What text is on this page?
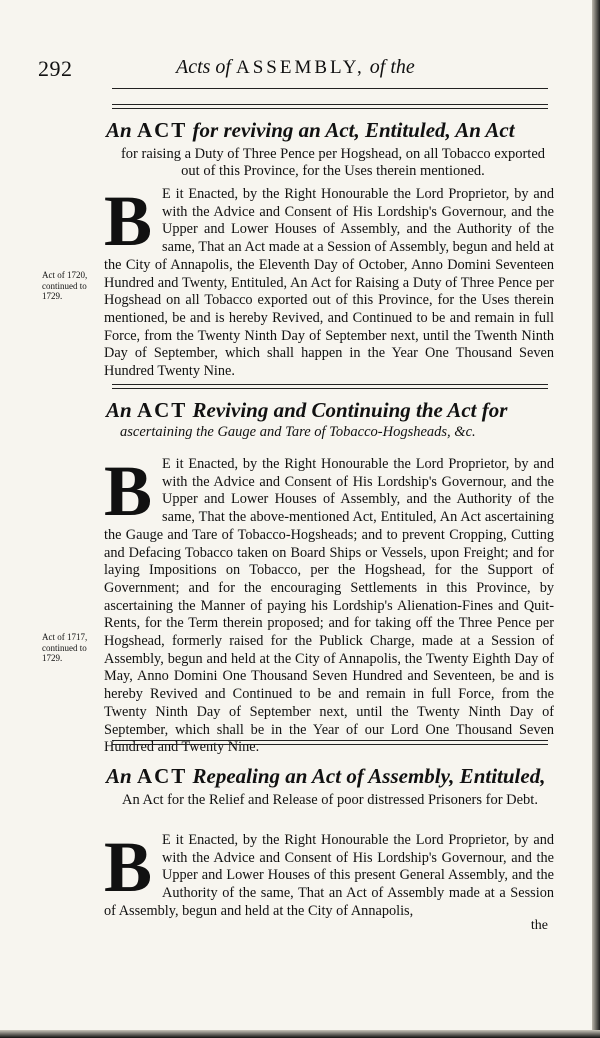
292	Acts of ASSEMBLY, of the
An ACT for reviving an Act, Entituled, An Act
for raising a Duty of Three Pence per Hogshead, on all Tobacco exported out of this Province, for the Uses therein mentioned.
B E it Enacted, by the Right Honourable the Lord Proprietor, by and with the Advice and Consent of His Lordship's Governour, and the Upper and Lower Houses of Assembly, and the Authority of the same, That an Act made at a Session of Assembly, begun and held at the City of Annapolis, the Eleventh Day of October, Anno Domini Seventeen Hundred and Twenty, Entituled, An Act for Raising a Duty of Three Pence per Hogshead on all Tobacco exported out of this Province, for the Uses therein mentioned, be and is hereby Revived, and Continued to be and remain in full Force, from the Twenty Ninth Day of September next, until the Twenth Ninth Day of September, which shall happen in the Year One Thousand Seven Hundred Twenty Nine.
Act of 1720, continued to 1729.
An ACT Reviving and Continuing the Act for
ascertaining the Gauge and Tare of Tobacco-Hogsheads, &c.
B E it Enacted, by the Right Honourable the Lord Proprietor, by and with the Advice and Consent of His Lordship's Governour, and the Upper and Lower Houses of Assembly, and the Authority of the same, That the above-mentioned Act, Entituled, An Act ascertaining the Gauge and Tare of Tobacco-Hogsheads; and to prevent Cropping, Cutting and Defacing Tobacco taken on Board Ships or Vessels, upon Freight; and for laying Impositions on Tobacco, per the Hogshead, for the Support of Government; and for the encouraging Settlements in this Province, by ascertaining the Manner of paying his Lordship's Alienation-Fines and Quit-Rents, for the Term therein proposed; and for taking off the Three Pence per Hogshead, formerly raised for the Publick Charge, made at a Session of Assembly, begun and held at the City of Annapolis, the Twenty Eighth Day of May, Anno Domini One Thousand Seven Hundred and Seventeen, be and is hereby Revived and Continued to be and remain in full Force, from the Twenty Ninth Day of September next, until the Twenty Ninth Day of September, which shall be in the Year of our Lord One Thousand Seven Hundred and Twenty Nine.
Act of 1717, continued to 1729.
An ACT Repealing an Act of Assembly, Entituled,
An Act for the Relief and Release of poor distressed Prisoners for Debt.
B E it Enacted, by the Right Honourable the Lord Proprietor, by and with the Advice and Consent of His Lordship's Governour, and the Upper and Lower Houses of this present General Assembly, and the Authority of the same, That an Act of Assembly made at a Session of Assembly, begun and held at the City of Annapolis,
the
